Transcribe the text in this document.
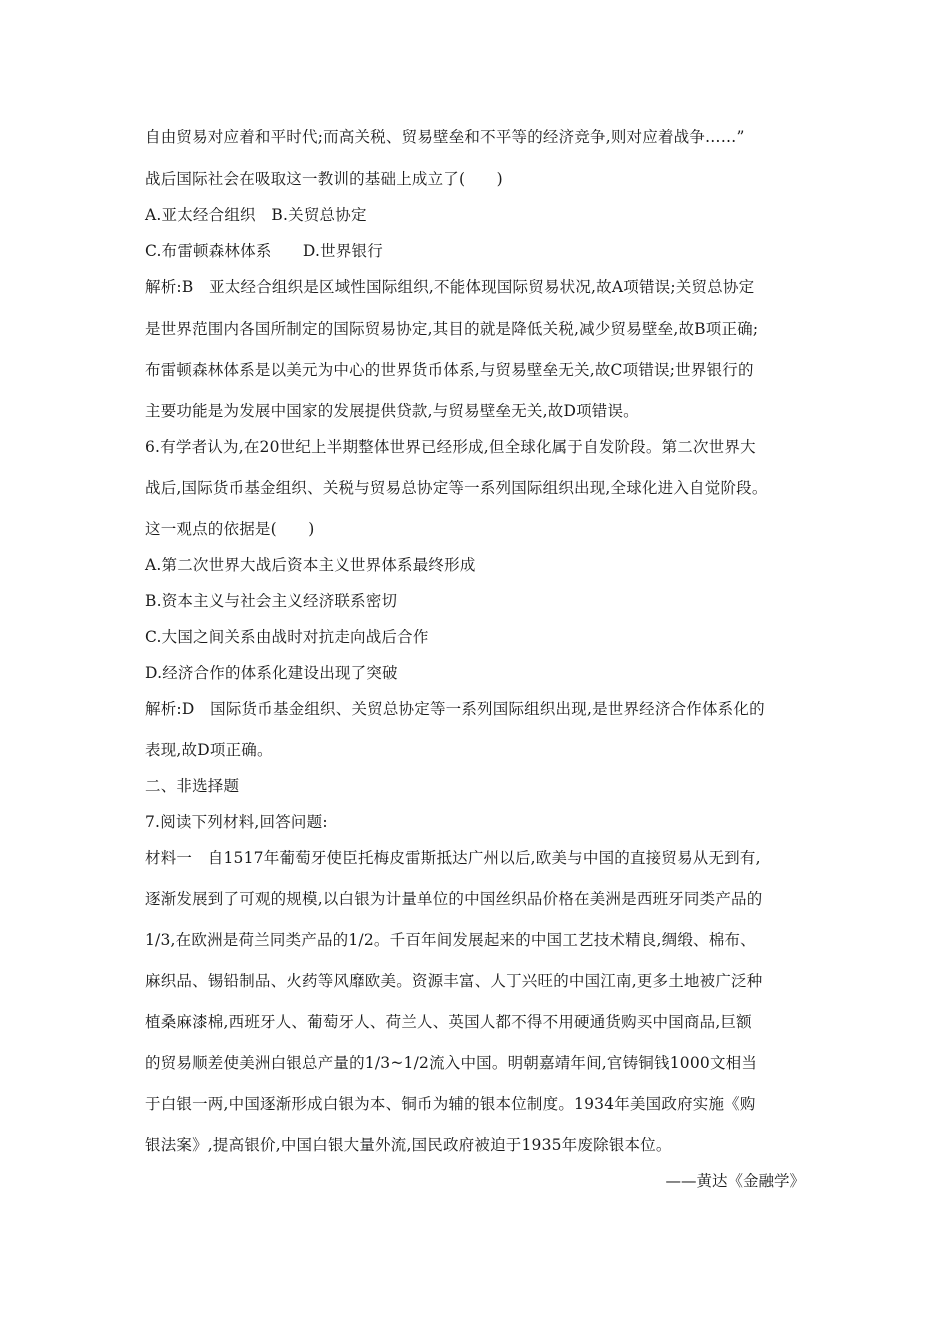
自由贸易对应着和平时代;而高关税、贸易壁垒和不平等的经济竞争,则对应着战争……”
战后国际社会在吸取这一教训的基础上成立了(　　)
A.亚太经合组织　B.关贸总协定
C.布雷顿森林体系　　D.世界银行
解析:B　亚太经合组织是区域性国际组织,不能体现国际贸易状况,故A项错误;关贸总协定
是世界范围内各国所制定的国际贸易协定,其目的就是降低关税,减少贸易壁垒,故B项正确;
布雷顿森林体系是以美元为中心的世界货币体系,与贸易壁垒无关,故C项错误;世界银行的
主要功能是为发展中国家的发展提供贷款,与贸易壁垒无关,故D项错误。
6.有学者认为,在20世纪上半期整体世界已经形成,但全球化属于自发阶段。第二次世界大
战后,国际货币基金组织、关税与贸易总协定等一系列国际组织出现,全球化进入自觉阶段。
这一观点的依据是(　　)
A.第二次世界大战后资本主义世界体系最终形成
B.资本主义与社会主义经济联系密切
C.大国之间关系由战时对抗走向战后合作
D.经济合作的体系化建设出现了突破
解析:D　国际货币基金组织、关贸总协定等一系列国际组织出现,是世界经济合作体系化的
表现,故D项正确。
二、非选择题
7.阅读下列材料,回答问题:
材料一　自1517年葡萄牙使臣托梅皮雷斯抵达广州以后,欧美与中国的直接贸易从无到有,
逐渐发展到了可观的规模,以白银为计量单位的中国丝织品价格在美洲是西班牙同类产品的
1/3,在欧洲是荷兰同类产品的1/2。千百年间发展起来的中国工艺技术精良,绸缎、棉布、
麻织品、锡铅制品、火药等风靡欧美。资源丰富、人丁兴旺的中国江南,更多土地被广泛种
植桑麻漆棉,西班牙人、葡萄牙人、荷兰人、英国人都不得不用硬通货购买中国商品,巨额
的贸易顺差使美洲白银总产量的1/3~1/2流入中国。明朝嘉靖年间,官铸铜钱1000文相当
于白银一两,中国逐渐形成白银为本、铜币为辅的银本位制度。1934年美国政府实施《购
银法案》,提高银价,中国白银大量外流,国民政府被迫于1935年废除银本位。
——黄达《金融学》
